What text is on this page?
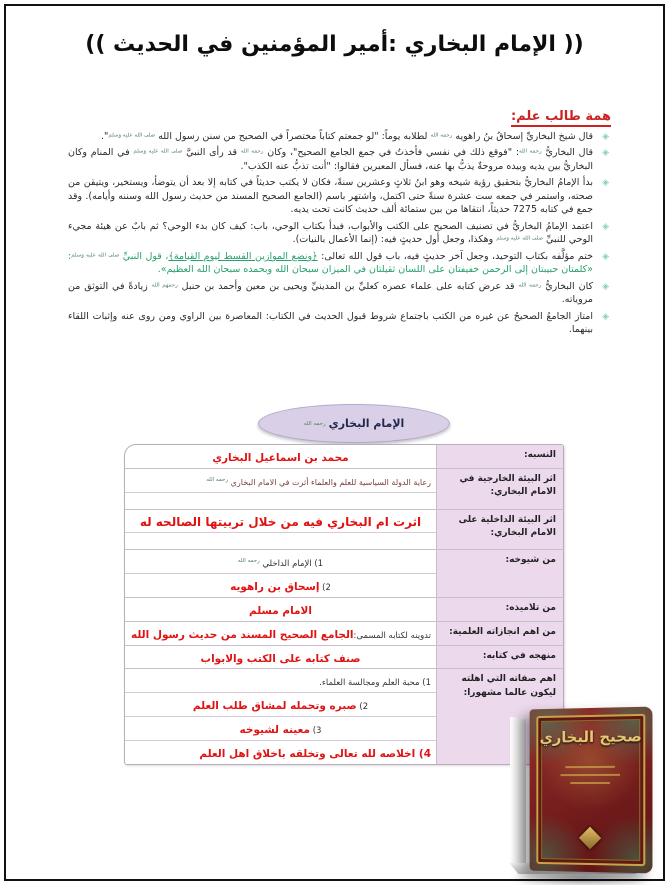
(( الإمام البخاري :أمير المؤمنين في الحديث ))
همة طالب علم:
◈ قال شيخ البخاريِّ إسحاقُ بنُ راهويه رحمه الله لطلابه يوماً: "لو جمعتم كتاباً مختصراً في الصحيح من سنن رسول الله صلى الله عليه وسلم".
◈ قال البخاريُّ رحمه الله: "فوقع ذلك في نفسي فأخذتُ في جمع الجامع الصحيح"، وكان رحمه الله قد رأى النبيَّ صلى الله عليه وسلم في المنام وكان البخاريُّ بين يديه وبيده مروحةٌ يذبُّ بها عنه، فسأل المعبرين فقالوا: "أنت تذبُّ عنه الكذب".
◈ بدأ الإمامُ البخاريُّ بتحقيق رؤية شيخه وهو ابنُ ثلاثٍ وعشرين سنةً، فكان لا يكتب حديثاً في كتابه إلا بعد أن يتوضأ، ويستخير، ويتيقن من صحته، واستمر في جمعه ست عشرة سنةً حتى اكتمل، واشتهر باسم (الجامع الصحيح المسند من حديث رسول الله وسننه وأيامه). وقد جمع في كتابه 7275 حديثاً، انتقاها من بين ستمائة ألف حديث كانت تحت يديه.
◈ اعتمد الإمامُ البخاريُّ في تصنيف الصحيح على الكتب والأبواب، فبدأ بكتاب الوحي، باب: كيف كان بدء الوحي؟ ثم بابٌ عن هيئة مجيء الوحي للنبيِّ صلى الله عليه وسلم وهكذا، وجعل أول حديثٍ فيه: (إنما الأعمال بالنيات).
◈ ختم مؤلَّفه بكتاب التوحيد، وجعل آخر حديثٍ فيه، باب قول الله تعالى: ﴿ونضع الموازين القسط ليوم القيامة﴾، قول النبيِّ صلى الله عليه وسلم: «كلمتان حبيبتان إلى الرحمن خفيفتان على اللسان ثقيلتان في الميزان سبحان الله وبحمده سبحان الله العظيم».
◈ كان البخاريُّ رحمه الله قد عرض كتابه على علماء عصره كعليِّ بن المدينيِّ ويحيى بن معين وأحمد بن حنبل رحمهم الله زيادةً في التوثق من مروياته.
◈ امتاز الجامعُ الصحيحُ عن غيره من الكتب باجتماع شروط قبول الحديث في الكتاب: المعاصرة بين الراوي ومن روى عنه وإثبات اللقاء بينهما.
الإمام البخاري
رحمه الله
النسبه:
محمد بن اسماعيل البخاري
اثر البيئة الخارجية في الامام البخاري:
رعاية الدولة السياسية للعلم والعلماء أثرت في الامام البخاري رحمه الله
اثر البيئة الداخلية على الامام البخاري:
اثرت ام البخاري فيه من خلال تربيتها الصالحه له
من شيوخه:
1) الإمام الداخلي رحمه الله
2) إسحاق بن راهويه
من تلاميذه:
الامام مسلم
من اهم انجازاته العلمية:
تدوينه لكتابه المسمى:الجامع الصحيح المسند من حديث رسول الله
منهجه في كتابه:
صنف كتابه على الكتب والابواب
اهم صفاته التي اهلته ليكون عالما مشهورا:
1) محبة العلم ومجالسة العلماء.
2) صبره وتحمله لمشاق طلب العلم
3) معينه لشيوخه
4) اخلاصه لله تعالى وتخلقه باخلاق اهل العلم
صحيح البخاري
